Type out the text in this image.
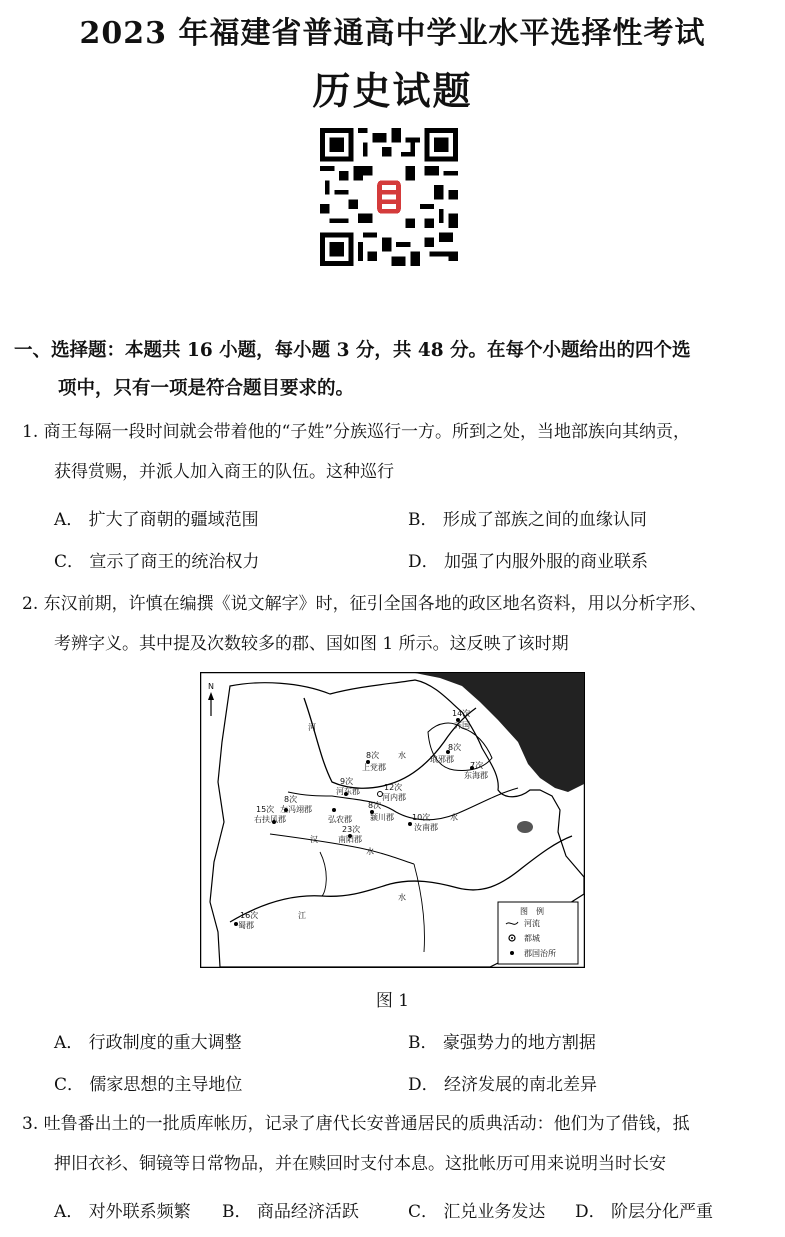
2023 年福建省普通高中学业水平选择性考试
历史试题
一、选择题：本题共 16 小题，每小题 3 分，共 48 分。在每个小题给出的四个选
项中，只有一项是符合题目要求的。
1. 商王每隔一段时间就会带着他的“子姓”分族巡行一方。所到之处，当地部族向其纳贡，
获得赏赐，并派人加入商王的队伍。这种巡行
A． 扩大了商朝的疆域范围	B． 形成了部族之间的血缘认同
C． 宣示了商王的统治权力	D． 加强了内服外服的商业联系
2. 东汉前期，许慎在编撰《说文解字》时，征引全国各地的政区地名资料，用以分析字形、
考辨字义。其中提及次数较多的郡、国如图 1 所示。这反映了该时期
N
河
水
水
汉
水
江
水
14次
齐国
8次
琅邪郡
7次
东海郡
8次
上党郡
9次
河东郡	12次
河内郡
8次
颍川郡 10次
汝南郡
8次
左冯翊郡
15次
右扶风郡	弘农郡
23次
南阳郡
16次
蜀郡
图　例
河流
都城
郡国治所
图 1
A． 行政制度的重大调整	B． 豪强势力的地方割据
C． 儒家思想的主导地位	D． 经济发展的南北差异
3. 吐鲁番出土的一批质库帐历，记录了唐代长安普通居民的质典活动：他们为了借钱，抵
押旧衣衫、铜镜等日常物品，并在赎回时支付本息。这批帐历可用来说明当时长安
A． 对外联系频繁 B． 商品经济活跃	C． 汇兑业务发达 D． 阶层分化严重
